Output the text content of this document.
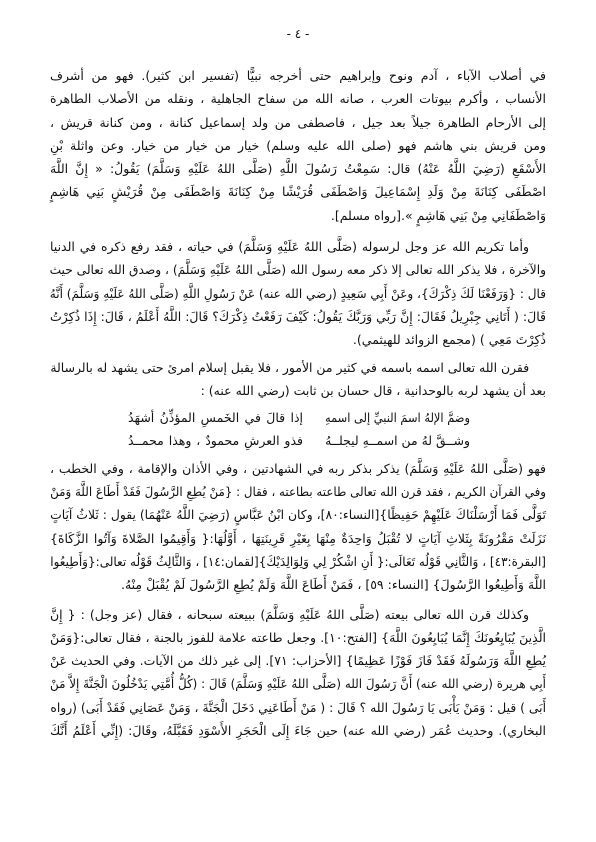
- ٤ -
في أصلاب الآباء ، آدم ونوح وإبراهيم حتى أخرجه نبيًّا (تفسير ابن كثير). فهو من أشرف
الأنساب ، وأكرم بيوتات العرب ، صانه الله من سفاح الجاهلية ، ونقله من الأصلاب الطاهرة
إلى الأرحام الطاهرة جيلاً بعد جيل ، فاصطفى من ولد إسماعيل كنانة ، ومن كنانة قريش ،
ومن قريش بني هاشم فهو (صلى الله عليه وسلم) خيار من خيار من خيار. وعن واثلة بْنِ
الأَسْقَعِ (رَضِيَ اللَّهُ عَنْهُ) قال: سَمِعْتُ رَسُولَ اللَّهِ (صَلَّى اللهُ عَلَيْهِ وَسَلَّمَ) يَقُولُ: « إِنَّ اللَّهَ
اصْطَفَى كِنَانَةَ مِنْ وَلَدِ إِسْمَاعِيلَ وَاصْطَفَى قُرَيْشًا مِنْ كِنَانَةَ وَاصْطَفَى مِنْ قُرَيْشٍ بَنِي هَاشِمٍ
وَاصْطَفَانِي مِنْ بَنِي هَاشِمٍ ».[رواه مسلم].
وأما تكريم الله عز وجل لرسوله (صَلَّى اللهُ عَلَيْهِ وَسَلَّمَ) في حياته ، فقد رفع ذكره في الدنيا
والآخرة ، فلا يذكر الله تعالى إلا ذكر معه رسول الله (صَلَّى اللهُ عَلَيْهِ وَسَلَّمَ) ، وصدق الله تعالى حيث
قال : {وَرَفَعْنَا لَكَ ذِكْرَكَ}، وعَنْ أَبِي سَعِيدٍ (رضي الله عنه) عَنْ رَسُولِ اللَّهِ (صَلَّى اللهُ عَلَيْهِ وَسَلَّمَ) أَنَّهُ
قَالَ: ( أَتَانِي جِبْرِيلُ فَقَالَ: إِنَّ رَبِّي وَرَبَّكَ يَقُولُ: كَيْفَ رَفَعْتُ ذِكْرَكَ؟ قَالَ: اللَّهُ أَعْلَمُ ، قَالَ: إِذَا ذُكِرْتُ
ذُكِرْتَ مَعِي ) (مجمع الزوائد للهيثمي).
فقرن الله تعالى اسمه باسمه في كثير من الأمور ، فلا يقبل إسلام امرئ حتى يشهد له بالرسالة
بعد أن يشهد لربه بالوحدانية ، قال حسان بن ثابت (رضي الله عنه) :
وضمَّ الإلهُ اسمَ النبيِّ إلى اسمهِ
إذا قالَ في الخَمسِ المؤذِّنُ أشهَدُ
وشــقَّ لهُ من اسمــهِ ليجلــهُ
فذو العرشِ محمودٌ ، وهذا محمــدُ
فهو (صَلَّى اللهُ عَلَيْهِ وَسَلَّمَ) يذكر بذكر ربه في الشهادتين ، وفي الأذان والإقامة ، وفي الخطب ،
وفي القرآن الكريم ، فقد قرن الله تعالى طاعته بطاعته ، فقال : {مَنْ يُطِعِ الرَّسُولَ فَقَدْ أَطَاعَ اللَّهَ وَمَنْ
تَوَلَّى فَمَا أَرْسَلْنَاكَ عَلَيْهِمْ حَفِيظًا}[النساء:٨٠]، وكان ابْنُ عَبَّاسٍ (رَضِيَ اللَّهُ عَنْهُمَا) يقول : ثَلاثُ آيَاتٍ
نَزَلَتْ مَقْرُونَةً بِثَلاثِ آيَاتٍ لا تُقْبَلُ وَاحِدَةٌ مِنْهَا بِغَيْرِ قَرِينَتِهَا ، أَوَّلُهَا:{ وَأَقِيمُوا الصَّلاةَ وَآتُوا الزَّكَاةَ}
[البقرة:٤٣] ، وَالثَّانِي قَوْلُه تَعَالَى:{ أَنِ اشْكُرْ لِي وَلِوَالِدَيْكَ}[لقمان:١٤] ، وَالثَّالِثُ قَوْلُه تعالى:{وَأَطِيعُوا
اللَّهَ وَأَطِيعُوا الرَّسُولَ} [النساء: ٥٩] ، فَمَنْ أَطَاعَ اللَّهَ وَلَمْ يُطِعِ الرَّسُولَ لَمْ يُقْبَلْ مِنْهُ.
وكذلك قرن الله تعالى بيعته (صَلَّى اللهُ عَلَيْهِ وَسَلَّمَ) ببيعته سبحانه ، فقال (عز وجل) : { إِنَّ
الَّذِينَ يُبَايِعُونَكَ إِنَّمَا يُبَايِعُونَ اللَّهَ} [الفتح:١٠]. وجعل طاعته علامة للفوز بالجنة ، فقال تعالى:{وَمَنْ
يُطِعِ اللَّهَ وَرَسُولَهُ فَقَدْ فَازَ فَوْزًا عَظِيمًا} [الأحزاب: ٧١]. إلى غير ذلك من الآيات. وفي الحديث عَنْ
أَبِي هريرة (رضي الله عنه) أَنَّ رَسُولَ الله (صَلَّى اللهُ عَلَيْهِ وَسَلَّمَ) قَالَ : (كُلُّ أُمَّتِي يَدْخُلُونَ الْجَنَّةَ إِلاَّ مَنْ
أَبَى ) قيل : وَمَنْ يَأْبَى يَا رَسُولَ الله ؟ قَالَ : ( مَنْ أَطَاعَنِي دَخَلَ الْجَنَّةَ ، وَمَنْ عَصَانِي فَقَدْ أَبَى) (رواه
البخاري). وحديث عُمَر (رضي الله عنه) حين جَاءَ إِلَى الْحَجَرِ الأَسْوَدِ فَقَبَّلَهُ، وقَالَ: (إِنِّي أَعْلَمُ أَنَّكَ
